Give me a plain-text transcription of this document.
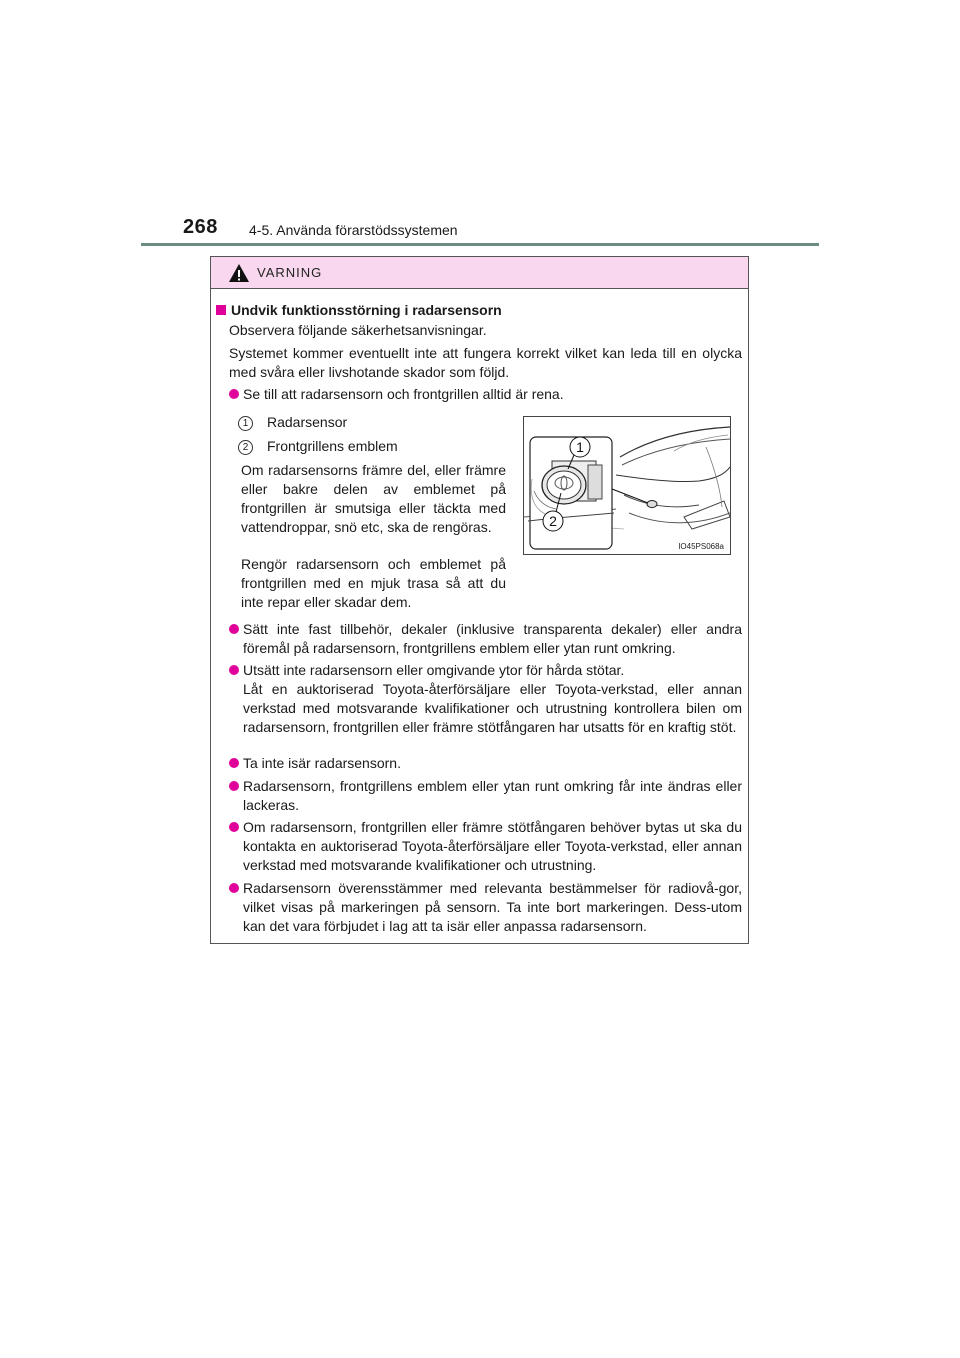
268 4-5. Använda förarstödssystemen
VARNING
Undvik funktionsstörning i radarsensorn
Observera följande säkerhetsanvisningar.
Systemet kommer eventuellt inte att fungera korrekt vilket kan leda till en olycka med svåra eller livshotande skador som följd.
Se till att radarsensorn och frontgrillen alltid är rena.
1 Radarsensor
2 Frontgrillens emblem
Om radarsensorns främre del, eller främre eller bakre delen av emblemet på frontgrillen är smutsiga eller täckta med vattendroppar, snö etc, ska de rengöras.
Rengör radarsensorn och emblemet på frontgrillen med en mjuk trasa så att du inte repar eller skadar dem.
1
2
IO45PS068a
Sätt inte fast tillbehör, dekaler (inklusive transparenta dekaler) eller andra föremål på radarsensorn, frontgrillens emblem eller ytan runt omkring.
Utsätt inte radarsensorn eller omgivande ytor för hårda stötar.
Låt en auktoriserad Toyota-återförsäljare eller Toyota-verkstad, eller annan verkstad med motsvarande kvalifikationer och utrustning kontrollera bilen om radarsensorn, frontgrillen eller främre stötfångaren har utsatts för en kraftig stöt.
Ta inte isär radarsensorn.
Radarsensorn, frontgrillens emblem eller ytan runt omkring får inte ändras eller lackeras.
Om radarsensorn, frontgrillen eller främre stötfångaren behöver bytas ut ska du kontakta en auktoriserad Toyota-återförsäljare eller Toyota-verkstad, eller annan verkstad med motsvarande kvalifikationer och utrustning.
Radarsensorn överensstämmer med relevanta bestämmelser för radiovå-gor, vilket visas på markeringen på sensorn. Ta inte bort markeringen. Dess-utom kan det vara förbjudet i lag att ta isär eller anpassa radarsensorn.
